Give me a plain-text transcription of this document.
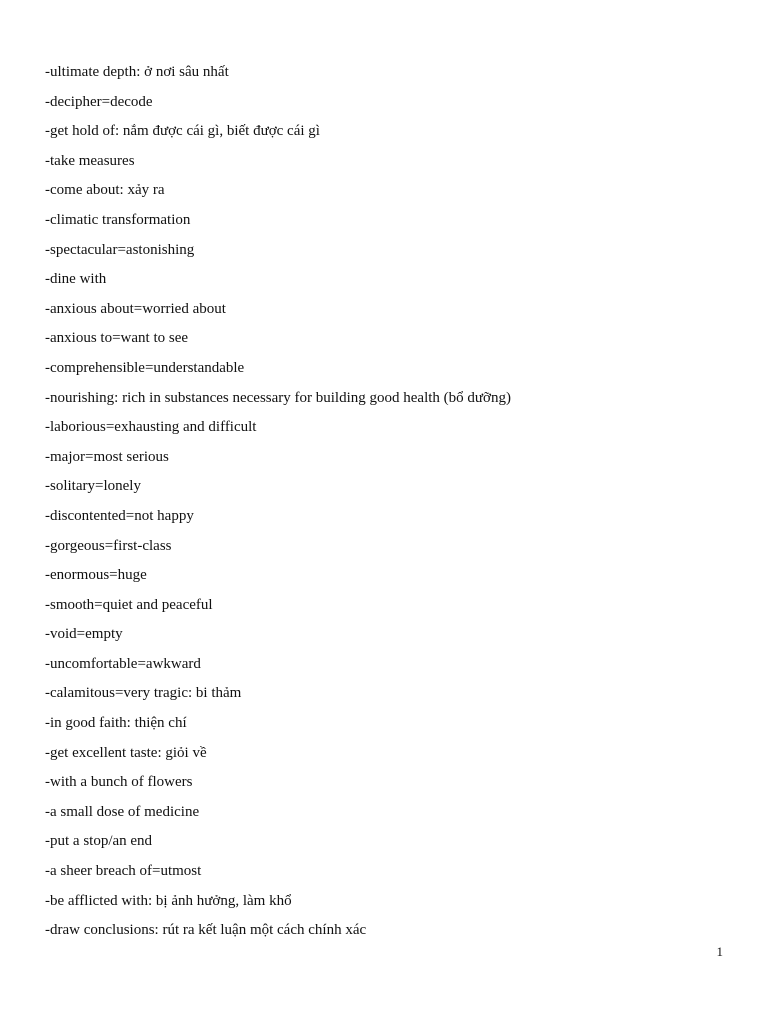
-ultimate depth: ở nơi sâu nhất
-decipher=decode
-get hold of: nắm được cái gì, biết được cái gì
-take measures
-come about: xảy ra
-climatic transformation
-spectacular=astonishing
-dine with
-anxious about=worried about
-anxious to=want to see
-comprehensible=understandable
-nourishing: rich in substances necessary for building good health (bổ dưỡng)
-laborious=exhausting and difficult
-major=most serious
-solitary=lonely
-discontented=not happy
-gorgeous=first-class
-enormous=huge
-smooth=quiet and peaceful
-void=empty
-uncomfortable=awkward
-calamitous=very tragic: bi thảm
-in good faith: thiện chí
-get excellent taste: giỏi về
-with a bunch of flowers
-a small dose of medicine
-put a stop/an end
-a sheer breach of=utmost
-be afflicted with: bị ảnh hưởng, làm khổ
-draw conclusions: rút ra kết luận một cách chính xác
1
